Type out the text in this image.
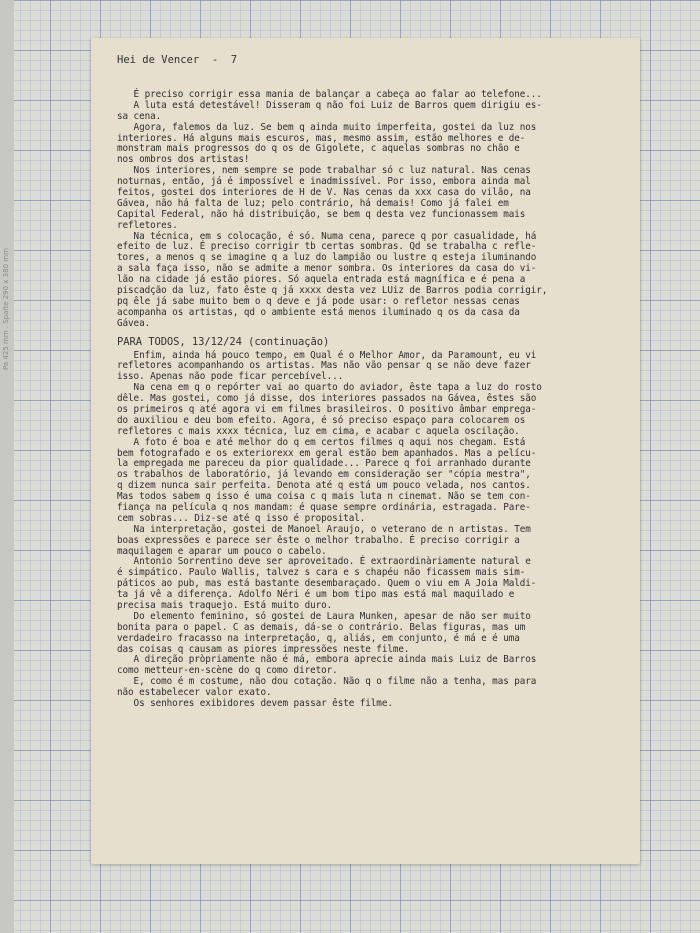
Pa 425 mm . Spalte 290 x 380 mm
Hei de Vencer  -  7
É preciso corrigir essa mania de balançar a cabeça ao falar ao telefone...
A luta está detestável! Disseram q não foi Luiz de Barros quem dirigiu es-
sa cena.
Agora, falemos da luz. Se bem q ainda muito imperfeita, gostei da luz nos
interiores. Há alguns mais escuros, mas, mesmo assim, estão melhores e de-
monstram mais progressos do q os de Gigolete, c aquelas sombras no chão e
nos ombros dos artistas!
Nos interiores, nem sempre se pode trabalhar só c luz natural. Nas cenas
noturnas, então, já é impossível e inadmissível. Por isso, embora ainda mal
feitos, gostei dos interiores de H de V. Nas cenas da xxx casa do vilão, na
Gávea, não há falta de luz; pelo contrário, há demais! Como já falei em
Capital Federal, não há distribuição, se bem q desta vez funcionassem mais
refletores.
Na técnica, em s colocação, é só. Numa cena, parece q por casualidade, há
efeito de luz. É preciso corrigir tb certas sombras. Qd se trabalha c refle-
tores, a menos q se imagine q a luz do lampião ou lustre q esteja iluminando
a sala faça isso, não se admite a menor sombra. Os interiores da casa do vi-
lão na cidade já estão piores. Só aquela entrada está magnífica e é pena a
piscadção da luz, fato êste q já xxxx desta vez LUiz de Barros podia corrigir,
pq êle já sabe muito bem o q deve e já pode usar: o refletor nessas cenas
acompanha os artistas, qd o ambiente está menos iluminado q os da casa da
Gávea.
PARA TODOS, 13/12/24 (continuação)
Enfim, ainda há pouco tempo, em Qual é o Melhor Amor, da Paramount, eu vi
refletores acompanhando os artistas. Mas não vão pensar q se não deve fazer
isso. Apenas não pode ficar percebível...
Na cena em q o repórter vai ao quarto do aviador, êste tapa a luz do rosto
dêle. Mas gostei, como já disse, dos interiores passados na Gávea, êstes são
os primeiros q até agora vi em filmes brasileiros. O positivo âmbar emprega-
do auxiliou e deu bom efeito. Agora, é só preciso espaço para colocarem os
refletores c mais xxxx técnica, luz em cima, e acabar c aquela oscilação.
A foto é boa e até melhor do q em certos filmes q aqui nos chegam. Está
bem fotografado e os exteriorexx em geral estão bem apanhados. Mas a pelícu-
la empregada me pareceu da pior qualidade... Parece q foi arranhado durante
os trabalhos de laboratório, já levando em consideração ser "cópia mestra",
q dizem nunca sair perfeita. Denota até q está um pouco velada, nos cantos.
Mas todos sabem q isso é uma coisa c q mais luta n cinemat. Não se tem con-
fiança na película q nos mandam: é quase sempre ordinária, estragada. Pare-
cem sobras... Diz-se até q isso é proposital.
Na interpretação, gostei de Manoel Araujo, o veterano de n artistas. Tem
boas expressões e parece ser êste o melhor trabalho. É preciso corrigir a
maquilagem e aparar um pouco o cabelo.
Antonio Sorrentino deve ser aproveitado. É extraordinàriamente natural e
é simpático. Paulo Wallis, talvez s cara e s chapéu não ficassem mais sim-
páticos ao pub, mas está bastante desembaraçado. Quem o viu em A Joia Maldi-
ta já vê a diferença. Adolfo Néri é um bom tipo mas está mal maquilado e
precisa mais traquejo. Está muito duro.
Do elemento feminino, só gostei de Laura Munken, apesar de não ser muito
bonita para o papel. C as demais, dá-se o contrário. Belas figuras, mas um
verdadeiro fracasso na interpretação, q, aliás, em conjunto, é má e é uma
das coisas q causam as piores impressões neste filme.
A direção pròpriamente não é má, embora aprecie ainda mais Luiz de Barros
como metteur-en-scène do q como diretor.
E, como é m costume, não dou cotação. Não q o filme não a tenha, mas para
não estabelecer valor exato.
Os senhores exibidores devem passar êste filme.
